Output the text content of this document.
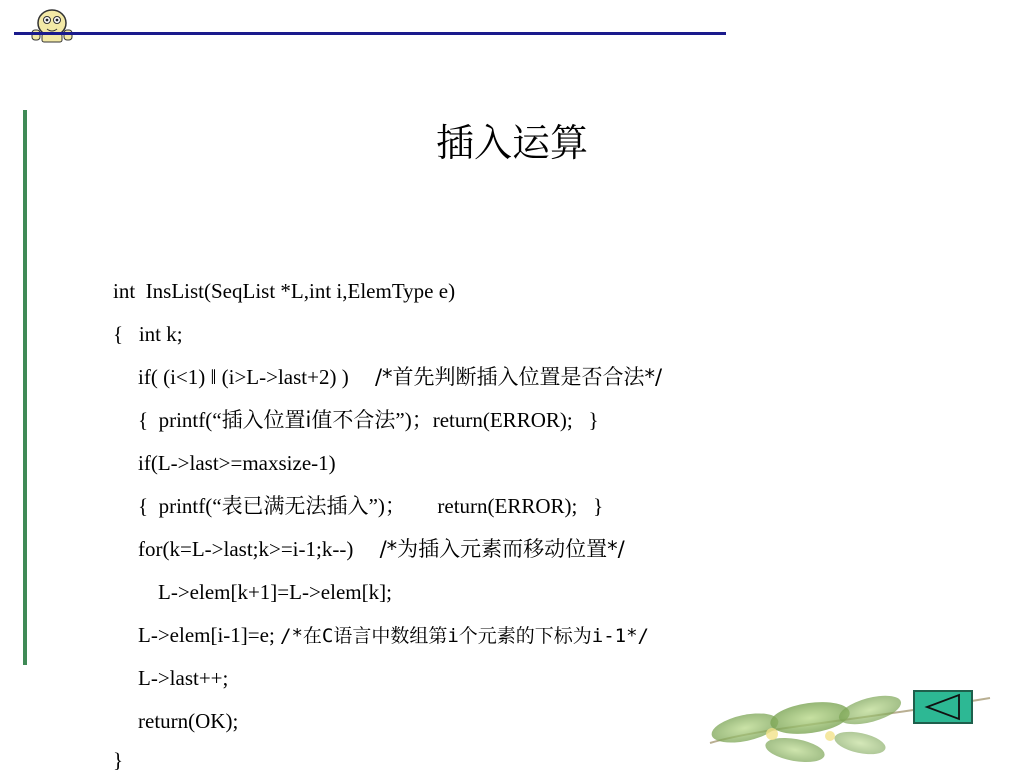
插入运算
int  InsList(SeqList *L,int i,ElemType e)
{   int k;
if( (i<1) ǁ (i>L->last+2) )     /*首先判断插入位置是否合法*/
{  printf(“插入位置i值不合法”)；return(ERROR);   }
if(L->last>=maxsize-1)
{  printf(“表已满无法插入”)；      return(ERROR);   }
for(k=L->last;k>=i-1;k--)     /*为插入元素而移动位置*/
L->elem[k+1]=L->elem[k];
L->elem[i-1]=e; /*在C语言中数组第i个元素的下标为i-1*/
L->last++;
return(OK);
}
